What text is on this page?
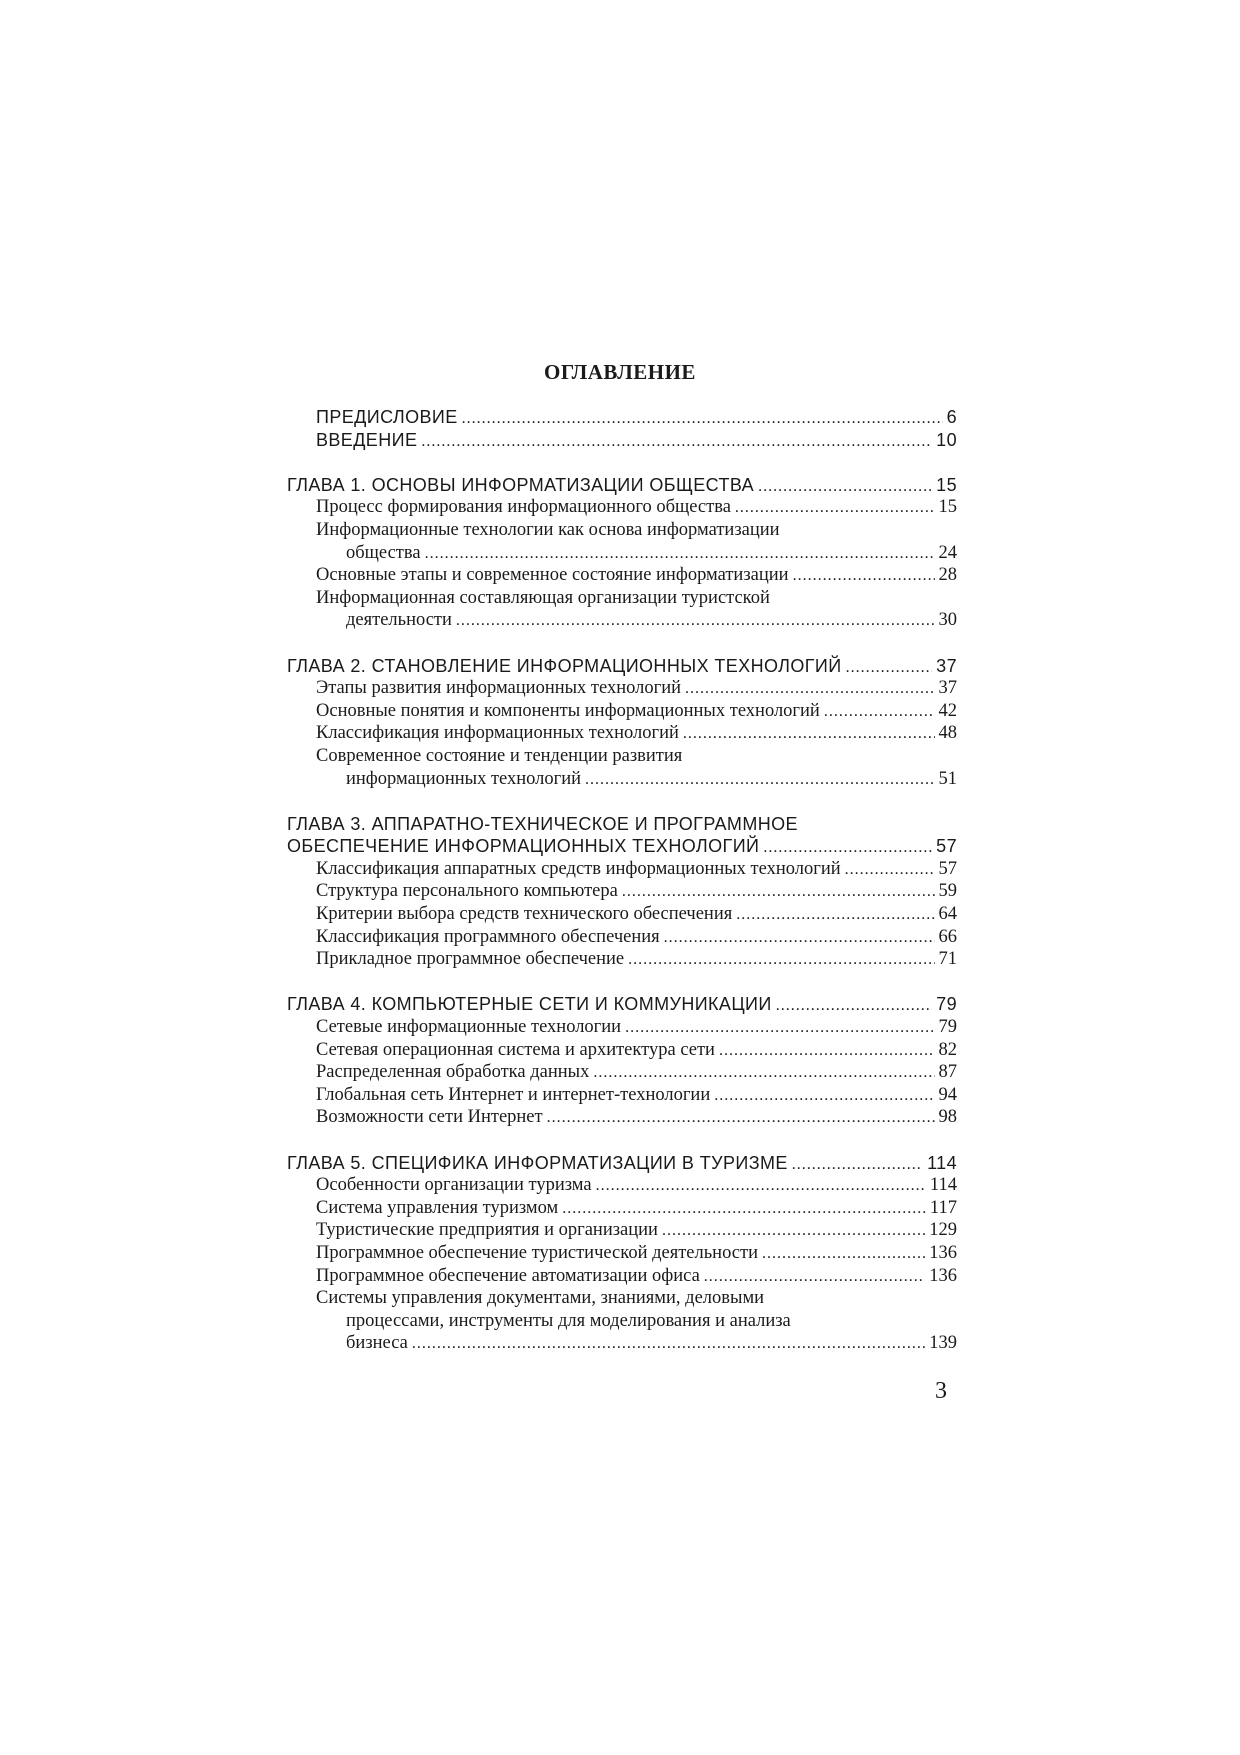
ОГЛАВЛЕНИЕ
ПРЕДИСЛОВИЕ .....	6
ВВЕДЕНИЕ .....	10
ГЛАВА 1. ОСНОВЫ ИНФОРМАТИЗАЦИИ ОБЩЕСТВА .....	15
Процесс формирования информационного общества .....	15
Информационные технологии как основа информатизации
общества .....	24
Основные этапы и современное состояние информатизации .....	28
Информационная составляющая организации туристской
деятельности .....	30
ГЛАВА 2. СТАНОВЛЕНИЕ ИНФОРМАЦИОННЫХ ТЕХНОЛОГИЙ .....	37
Этапы развития информационных технологий .....	37
Основные понятия и компоненты информационных технологий .....	42
Классификация информационных технологий .....	48
Современное состояние и тенденции развития
информационных технологий .....	51
ГЛАВА 3. АППАРАТНО-ТЕХНИЧЕСКОЕ И ПРОГРАММНОЕ
ОБЕСПЕЧЕНИЕ ИНФОРМАЦИОННЫХ ТЕХНОЛОГИЙ .....	57
Классификация аппаратных средств информационных технологий .....	57
Структура персонального компьютера .....	59
Критерии выбора средств технического обеспечения .....	64
Классификация программного обеспечения .....	66
Прикладное программное обеспечение .....	71
ГЛАВА 4. КОМПЬЮТЕРНЫЕ СЕТИ И КОММУНИКАЦИИ .....	79
Сетевые информационные технологии .....	79
Сетевая операционная система и архитектура сети .....	82
Распределенная обработка данных .....	87
Глобальная сеть Интернет и интернет-технологии .....	94
Возможности сети Интернет .....	98
ГЛАВА 5. СПЕЦИФИКА ИНФОРМАТИЗАЦИИ В ТУРИЗМЕ .....	114
Особенности организации туризма .....	114
Система управления туризмом .....	117
Туристические предприятия и организации .....	129
Программное обеспечение туристической деятельности .....	136
Программное обеспечение автоматизации офиса .....	136
Системы управления документами, знаниями, деловыми
процессами, инструменты для моделирования и анализа
бизнеса .....	139
3
